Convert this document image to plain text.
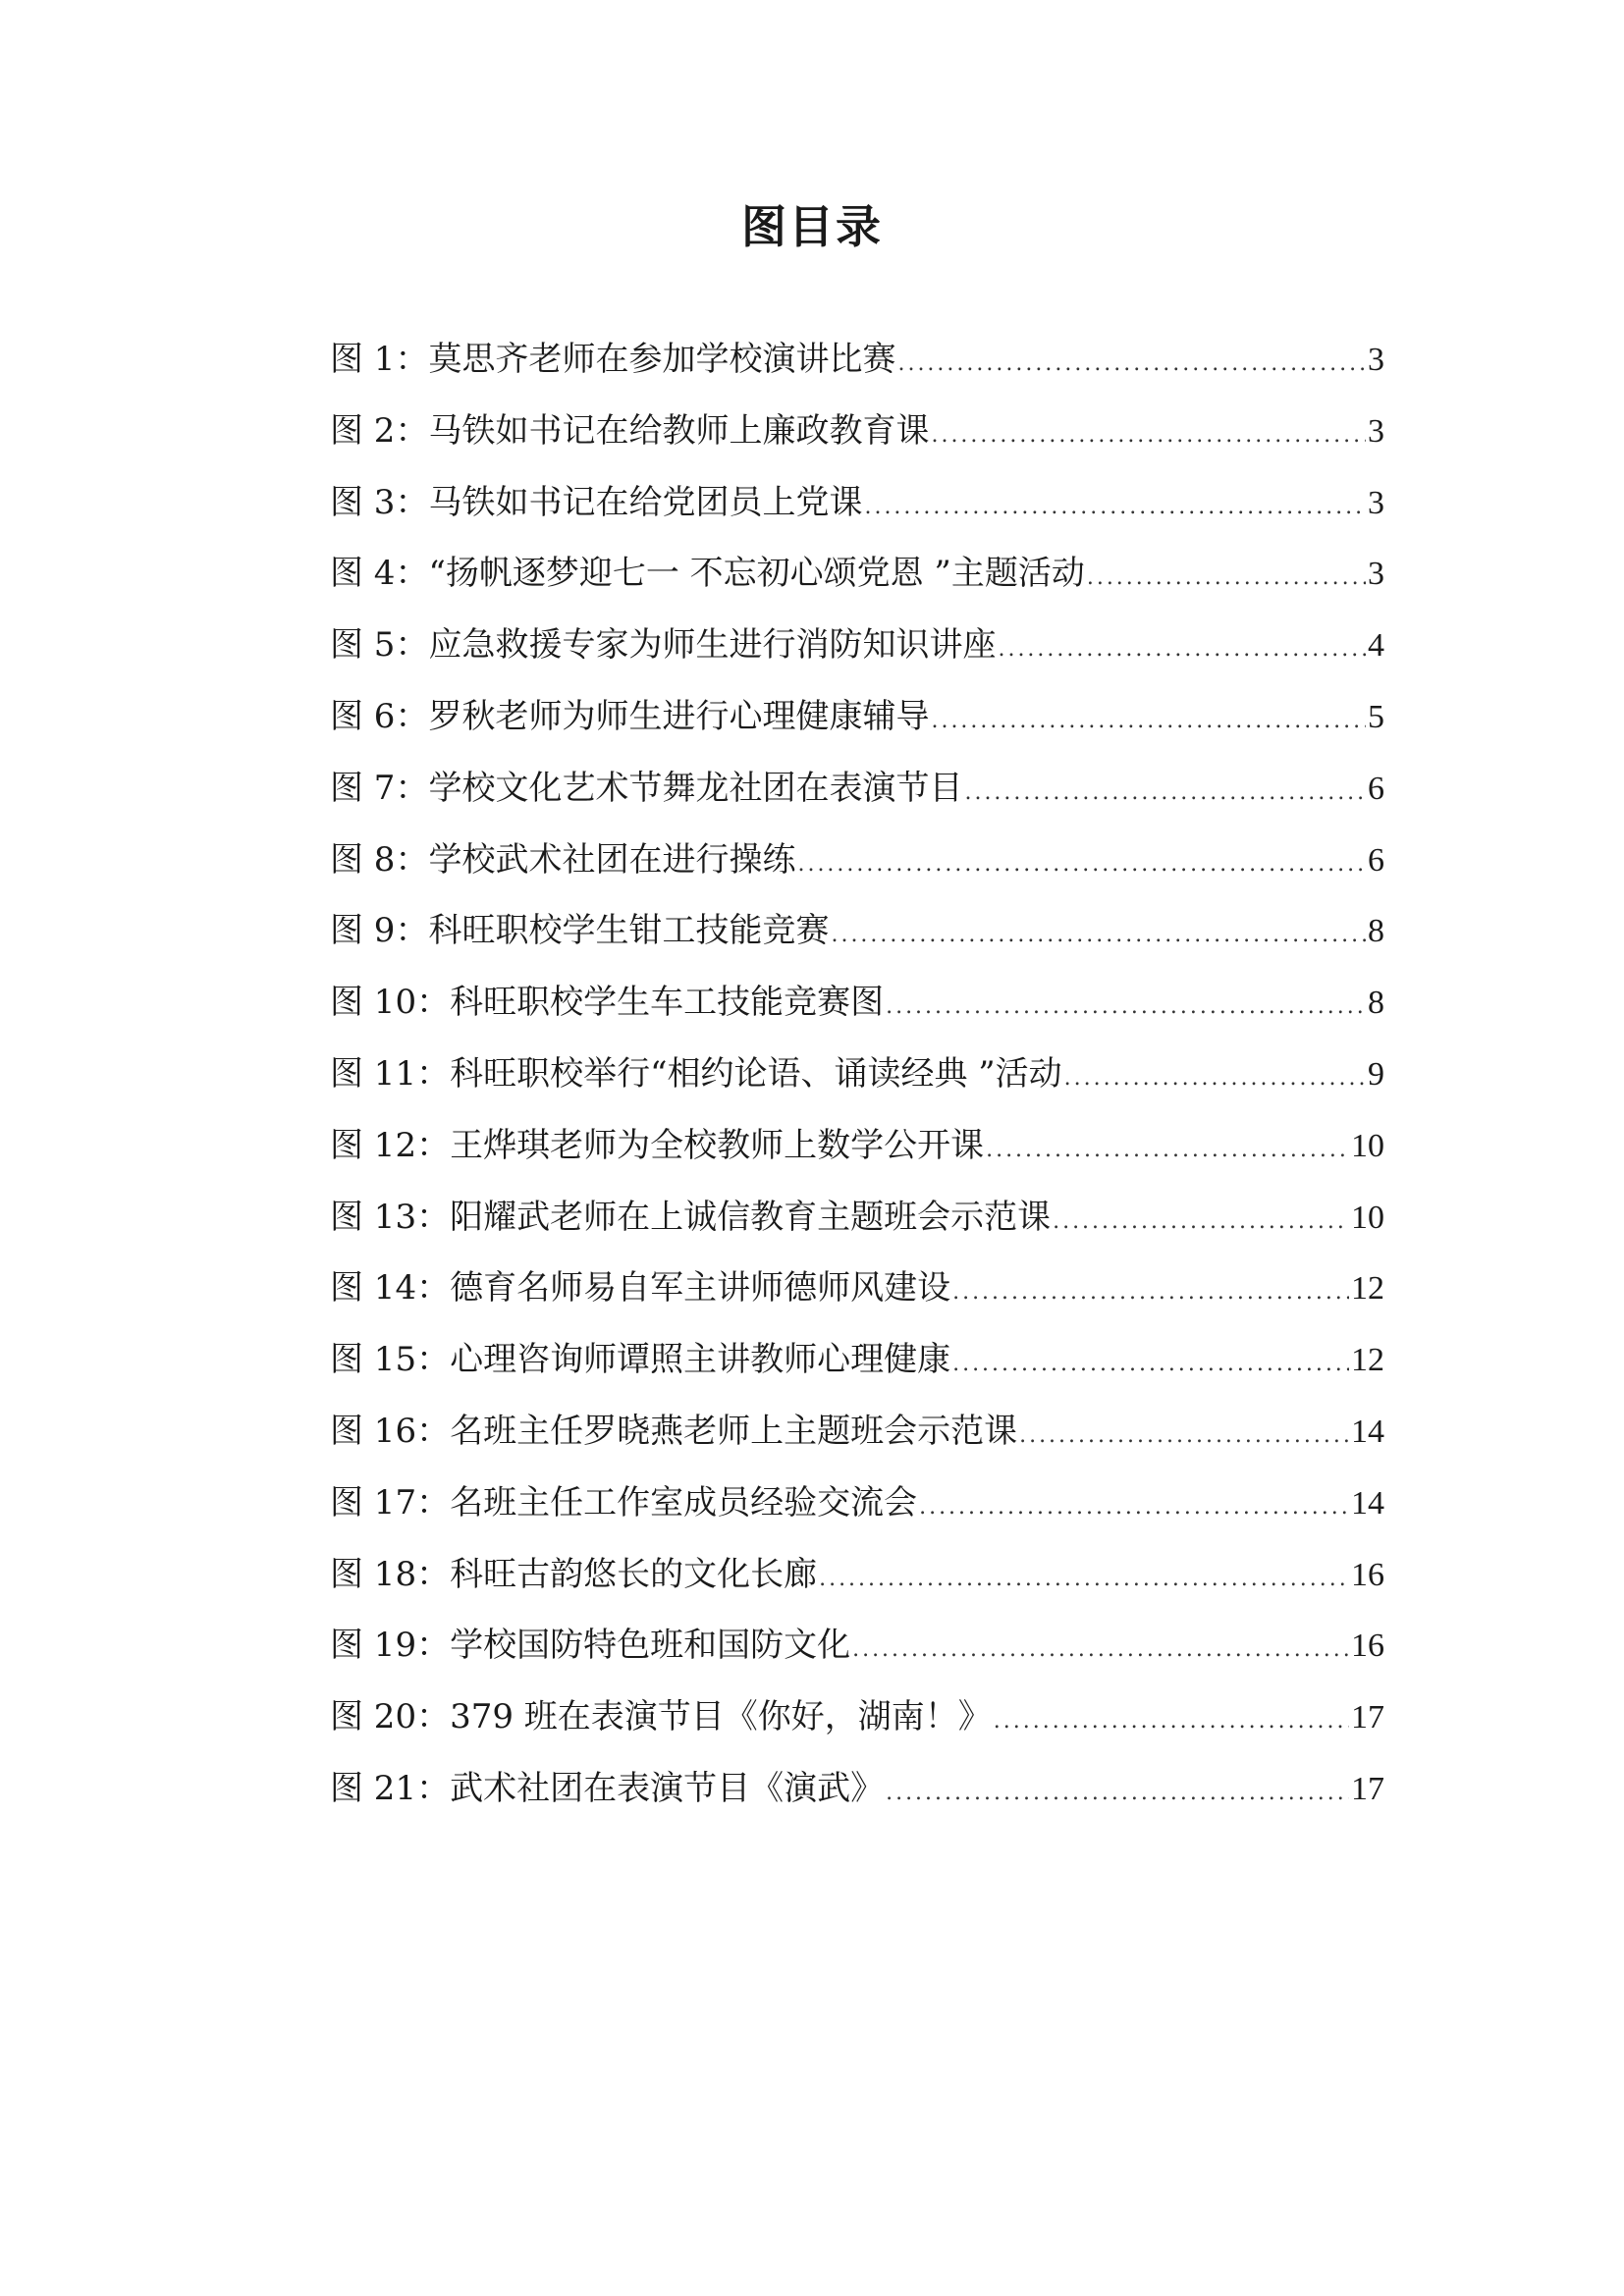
图目录
图 1：莫思齐老师在参加学校演讲比赛 .....	3
图 2：马铁如书记在给教师上廉政教育课 .....	3
图 3：马铁如书记在给党团员上党课 .....	3
图 4：“扬帆逐梦迎七一 不忘初心颂党恩 ”主题活动 .....	3
图 5：应急救援专家为师生进行消防知识讲座 .....	4
图 6：罗秋老师为师生进行心理健康辅导 .....	5
图 7：学校文化艺术节舞龙社团在表演节目 .....	6
图 8：学校武术社团在进行操练 .....	6
图 9：科旺职校学生钳工技能竞赛 .....	8
图 10：科旺职校学生车工技能竞赛图 .....	8
图 11：科旺职校举行“相约论语、诵读经典 ”活动 .....	9
图 12：王烨琪老师为全校教师上数学公开课 .....	10
图 13：阳耀武老师在上诚信教育主题班会示范课 .....	10
图 14：德育名师易自军主讲师德师风建设 .....	12
图 15：心理咨询师谭照主讲教师心理健康 .....	12
图 16：名班主任罗晓燕老师上主题班会示范课 .....	14
图 17：名班主任工作室成员经验交流会 .....	14
图 18：科旺古韵悠长的文化长廊 .....	16
图 19：学校国防特色班和国防文化 .....	16
图 20：379 班在表演节目《你好，湖南！》 .....	17
图 21：武术社团在表演节目《演武》 .....	17
